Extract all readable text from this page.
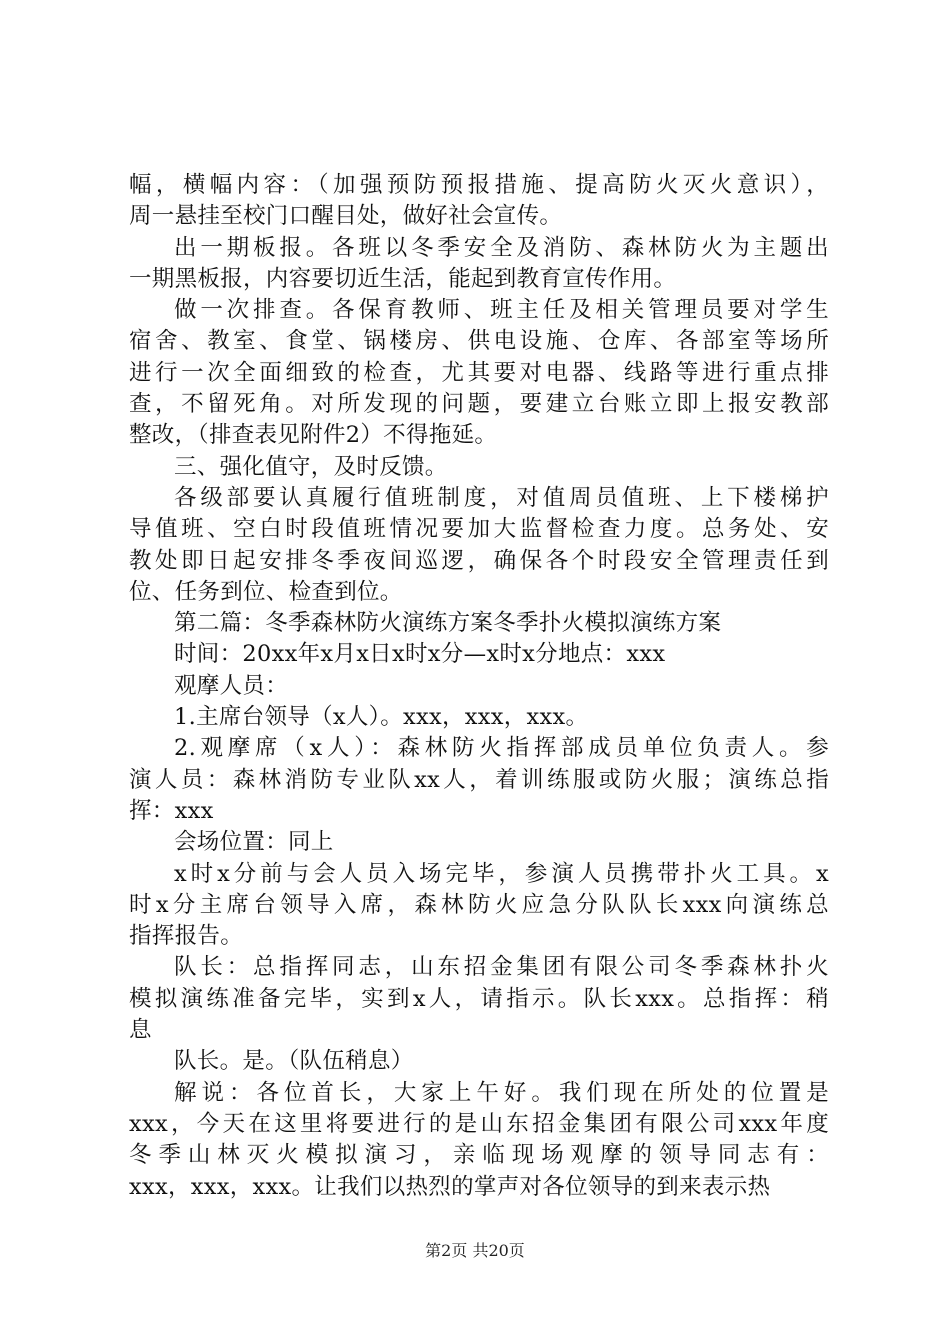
幅，横幅内容：（加强预防预报措施、提高防火灭火意识），
周一悬挂至校门口醒目处，做好社会宣传。
出一期板报。各班以冬季安全及消防、森林防火为主题出
一期黑板报，内容要切近生活，能起到教育宣传作用。
做一次排查。各保育教师、班主任及相关管理员要对学生
宿舍、教室、食堂、锅楼房、供电设施、仓库、各部室等场所
进行一次全面细致的检查，尤其要对电器、线路等进行重点排
查，不留死角。对所发现的问题，要建立台账立即上报安教部
整改，（排查表见附件2）不得拖延。
三、强化值守，及时反馈。
各级部要认真履行值班制度，对值周员值班、上下楼梯护
导值班、空白时段值班情况要加大监督检查力度。总务处、安
教处即日起安排冬季夜间巡逻，确保各个时段安全管理责任到
位、任务到位、检查到位。
第二篇：冬季森林防火演练方案冬季扑火模拟演练方案
时间：20xx年x月x日x时x分—x时x分地点：xxx
观摩人员：
1.主席台领导（x人）。xxx，xxx，xxx。
2.观摩席（x人）：森林防火指挥部成员单位负责人。参
演人员：森林消防专业队xx人，着训练服或防火服；演练总指
挥：xxx
会场位置：同上
x时x分前与会人员入场完毕，参演人员携带扑火工具。x
时x分主席台领导入席，森林防火应急分队队长xxx向演练总
指挥报告。
队长：总指挥同志，山东招金集团有限公司冬季森林扑火
模拟演练准备完毕，实到x人，请指示。队长xxx。总指挥：稍
息
队长。是。（队伍稍息）
解说：各位首长，大家上午好。我们现在所处的位置是
xxx，今天在这里将要进行的是山东招金集团有限公司xxx年度
冬季山林灭火模拟演习，亲临现场观摩的领导同志有：
xxx，xxx，xxx。让我们以热烈的掌声对各位领导的到来表示热
第2页 共20页
